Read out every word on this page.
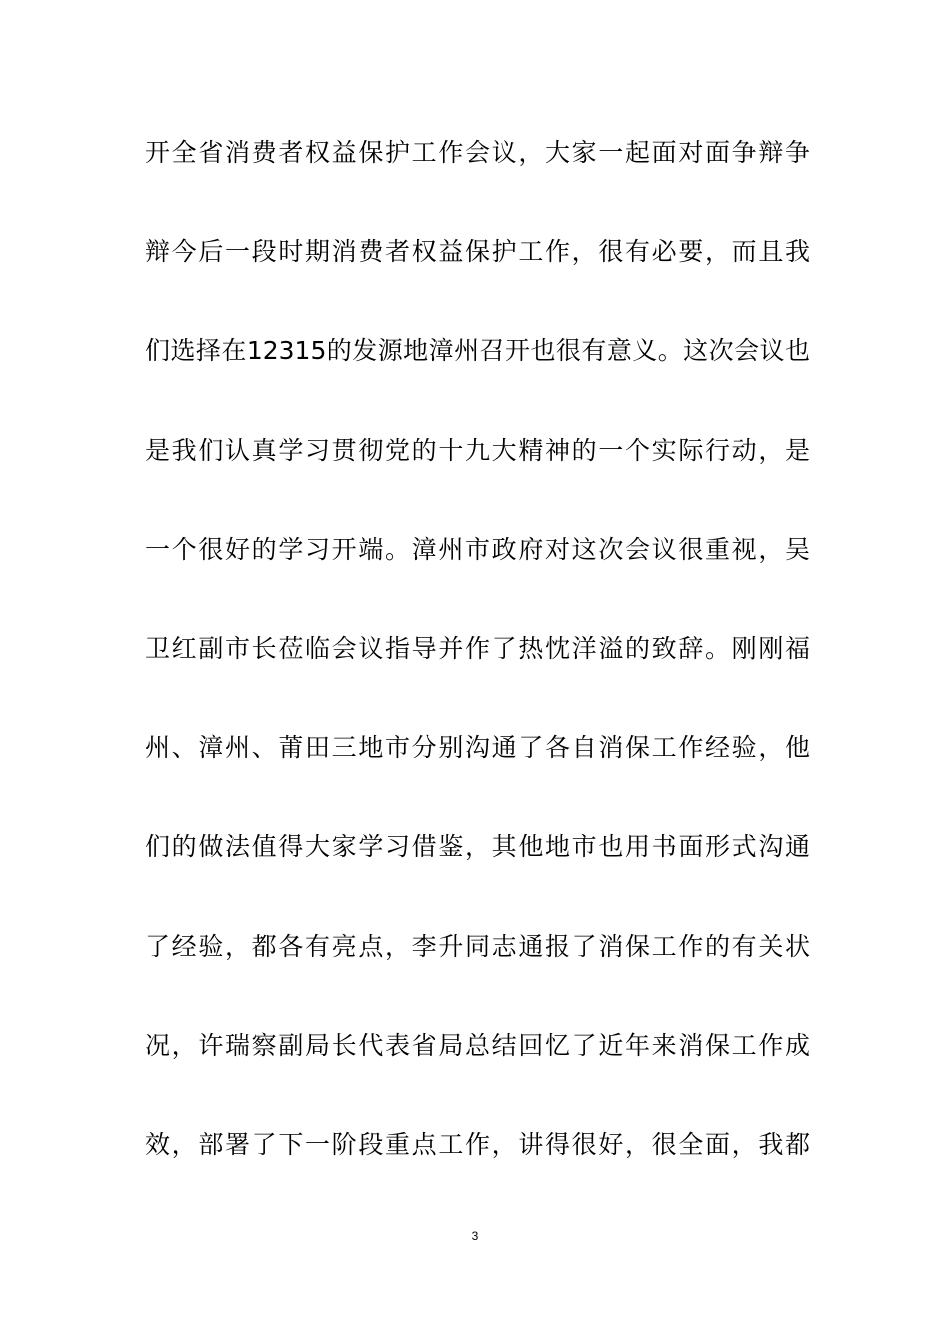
开全省消费者权益保护工作会议，大家一起面对面争辩争
辩今后一段时期消费者权益保护工作，很有必要，而且我
们选择在12315的发源地漳州召开也很有意义。这次会议也
是我们认真学习贯彻党的十九大精神的一个实际行动，是
一个很好的学习开端。漳州市政府对这次会议很重视，吴
卫红副市长莅临会议指导并作了热忱洋溢的致辞。刚刚福
州、漳州、莆田三地市分别沟通了各自消保工作经验，他
们的做法值得大家学习借鉴，其他地市也用书面形式沟通
了经验，都各有亮点，李升同志通报了消保工作的有关状
况，许瑞察副局长代表省局总结回忆了近年来消保工作成
效，部署了下一阶段重点工作，讲得很好，很全面，我都
3
